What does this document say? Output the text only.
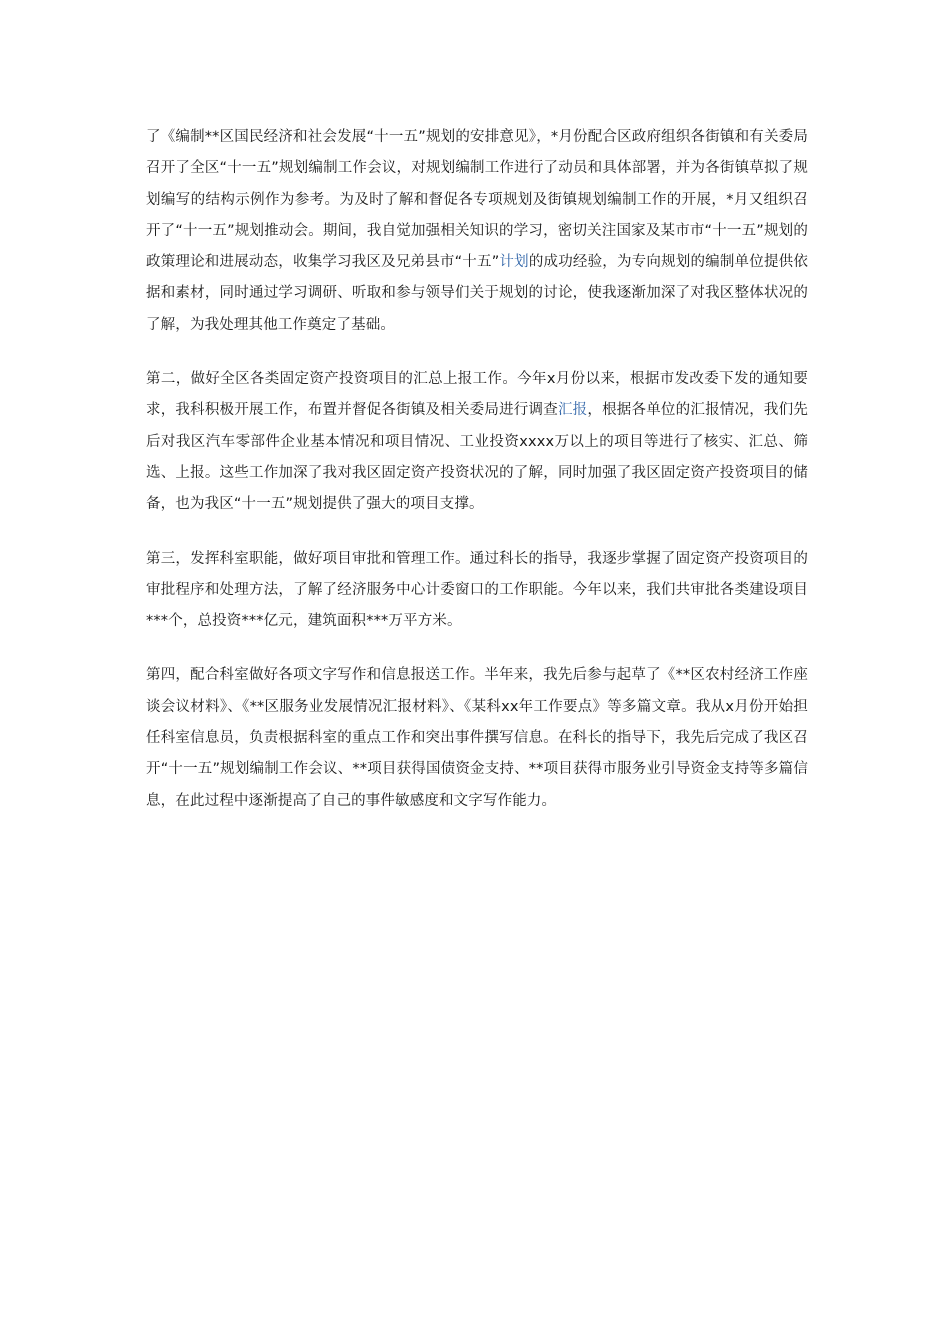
了《编制**区国民经济和社会发展“十一五”规划的安排意见》，*月份配合区政府组织各街镇和有关委局召开了全区“十一五”规划编制工作会议，对规划编制工作进行了动员和具体部署，并为各街镇草拟了规划编写的结构示例作为参考。为及时了解和督促各专项规划及街镇规划编制工作的开展，*月又组织召开了“十一五”规划推动会。期间，我自觉加强相关知识的学习，密切关注国家及某市市“十一五”规划的政策理论和进展动态，收集学习我区及兄弟县市“十五”计划的成功经验，为专向规划的编制单位提供依据和素材，同时通过学习调研、听取和参与领导们关于规划的讨论，使我逐渐加深了对我区整体状况的了解，为我处理其他工作奠定了基础。

第二，做好全区各类固定资产投资项目的汇总上报工作。今年x月份以来，根据市发改委下发的通知要求，我科积极开展工作，布置并督促各街镇及相关委局进行调查汇报，根据各单位的汇报情况，我们先后对我区汽车零部件企业基本情况和项目情况、工业投资xxxx万以上的项目等进行了核实、汇总、筛选、上报。这些工作加深了我对我区固定资产投资状况的了解，同时加强了我区固定资产投资项目的储备，也为我区“十一五”规划提供了强大的项目支撑。

第三，发挥科室职能，做好项目审批和管理工作。通过科长的指导，我逐步掌握了固定资产投资项目的审批程序和处理方法，了解了经济服务中心计委窗口的工作职能。今年以来，我们共审批各类建设项目***个，总投资***亿元，建筑面积***万平方米。

第四，配合科室做好各项文字写作和信息报送工作。半年来，我先后参与起草了《**区农村经济工作座谈会议材料》、《**区服务业发展情况汇报材料》、《某科xx年工作要点》等多篇文章。我从x月份开始担任科室信息员，负责根据科室的重点工作和突出事件撰写信息。在科长的指导下，我先后完成了我区召开“十一五”规划编制工作会议、**项目获得国债资金支持、**项目获得市服务业引导资金支持等多篇信息，在此过程中逐渐提高了自己的事件敏感度和文字写作能力。
